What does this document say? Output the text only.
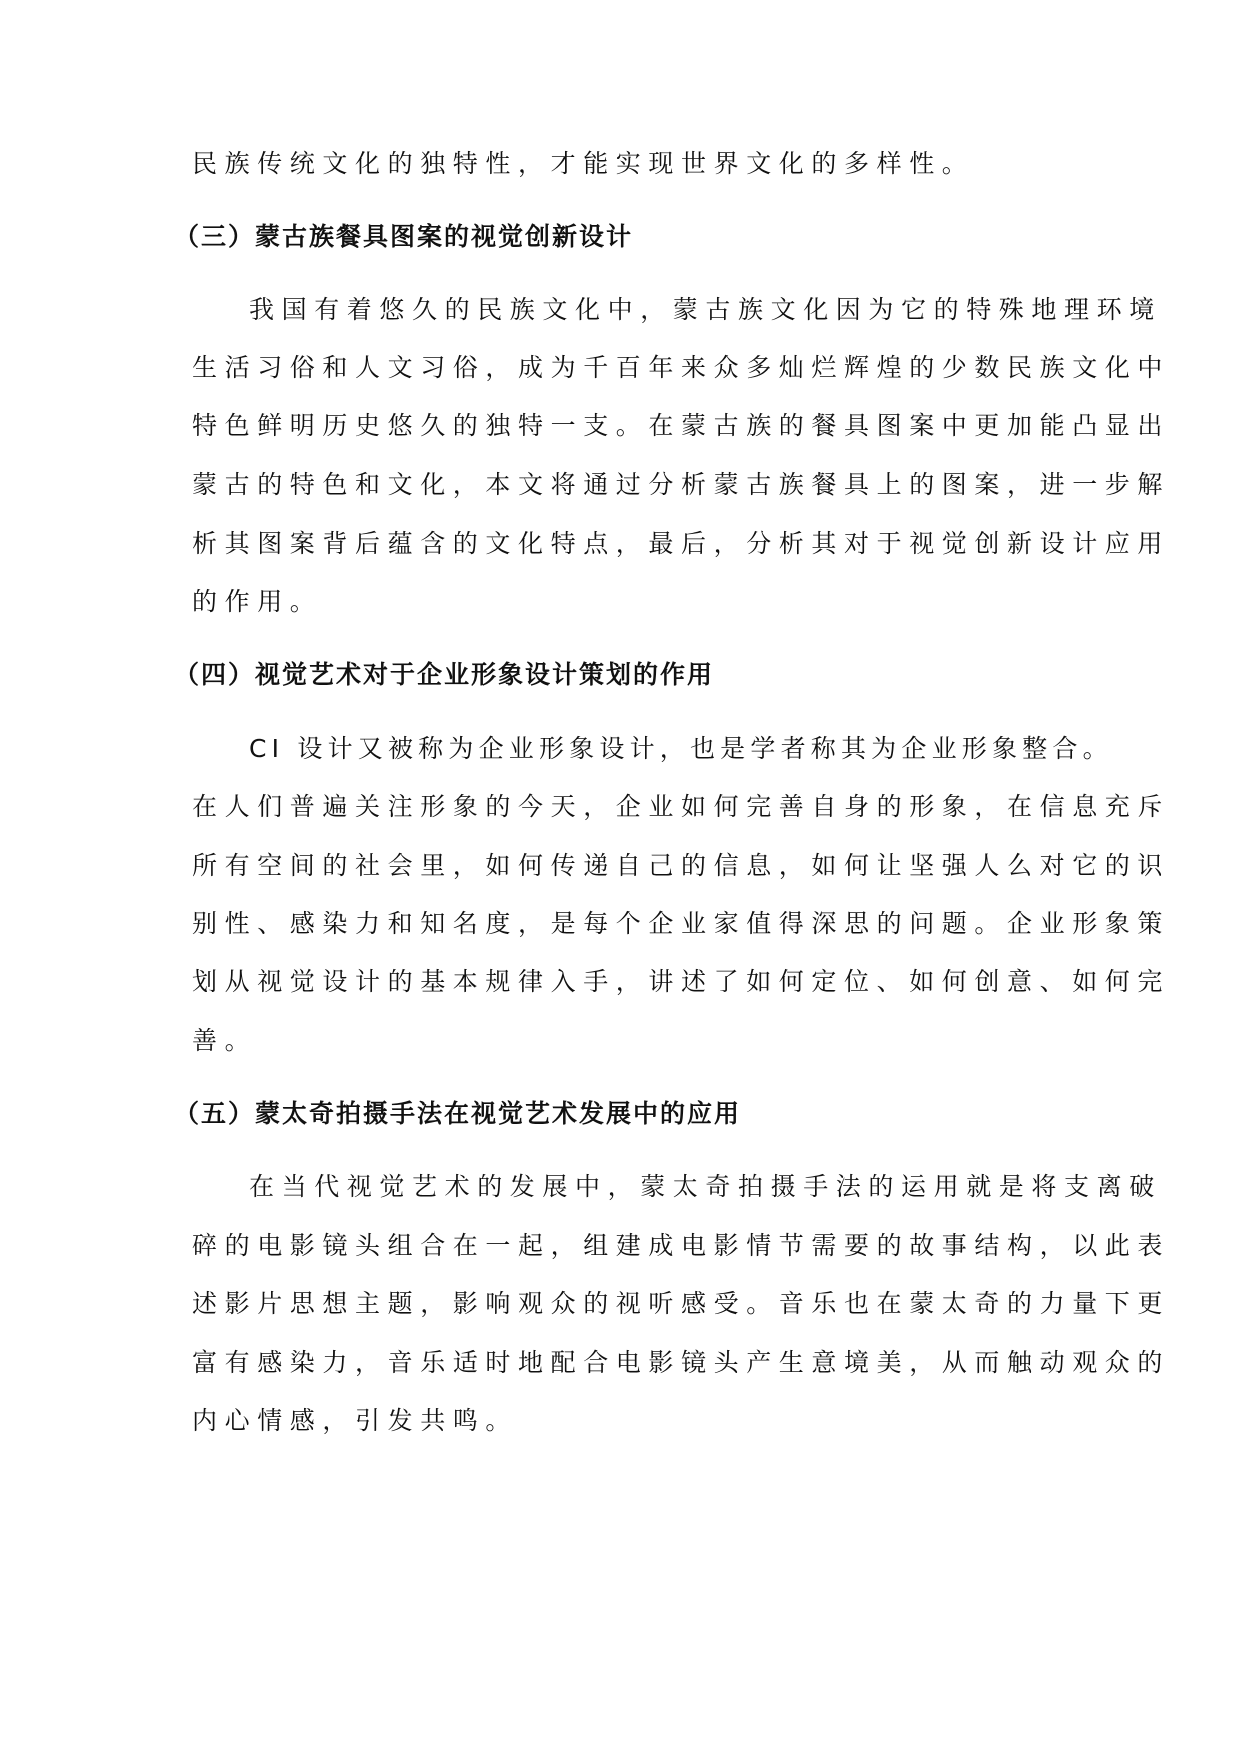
民族传统文化的独特性，才能实现世界文化的多样性。
（三）蒙古族餐具图案的视觉创新设计
我国有着悠久的民族文化中，蒙古族文化因为它的特殊地理环境
生活习俗和人文习俗，成为千百年来众多灿烂辉煌的少数民族文化中
特色鲜明历史悠久的独特一支。在蒙古族的餐具图案中更加能凸显出
蒙古的特色和文化，本文将通过分析蒙古族餐具上的图案，进一步解
析其图案背后蕴含的文化特点，最后，分析其对于视觉创新设计应用
的作用。
（四）视觉艺术对于企业形象设计策划的作用
CI 设计又被称为企业形象设计，也是学者称其为企业形象整合。
在人们普遍关注形象的今天，企业如何完善自身的形象，在信息充斥
所有空间的社会里，如何传递自己的信息，如何让坚强人么对它的识
别性、感染力和知名度，是每个企业家值得深思的问题。企业形象策
划从视觉设计的基本规律入手，讲述了如何定位、如何创意、如何完
善。
（五）蒙太奇拍摄手法在视觉艺术发展中的应用
在当代视觉艺术的发展中，蒙太奇拍摄手法的运用就是将支离破
碎的电影镜头组合在一起，组建成电影情节需要的故事结构，以此表
述影片思想主题，影响观众的视听感受。音乐也在蒙太奇的力量下更
富有感染力，音乐适时地配合电影镜头产生意境美，从而触动观众的
内心情感，引发共鸣。
